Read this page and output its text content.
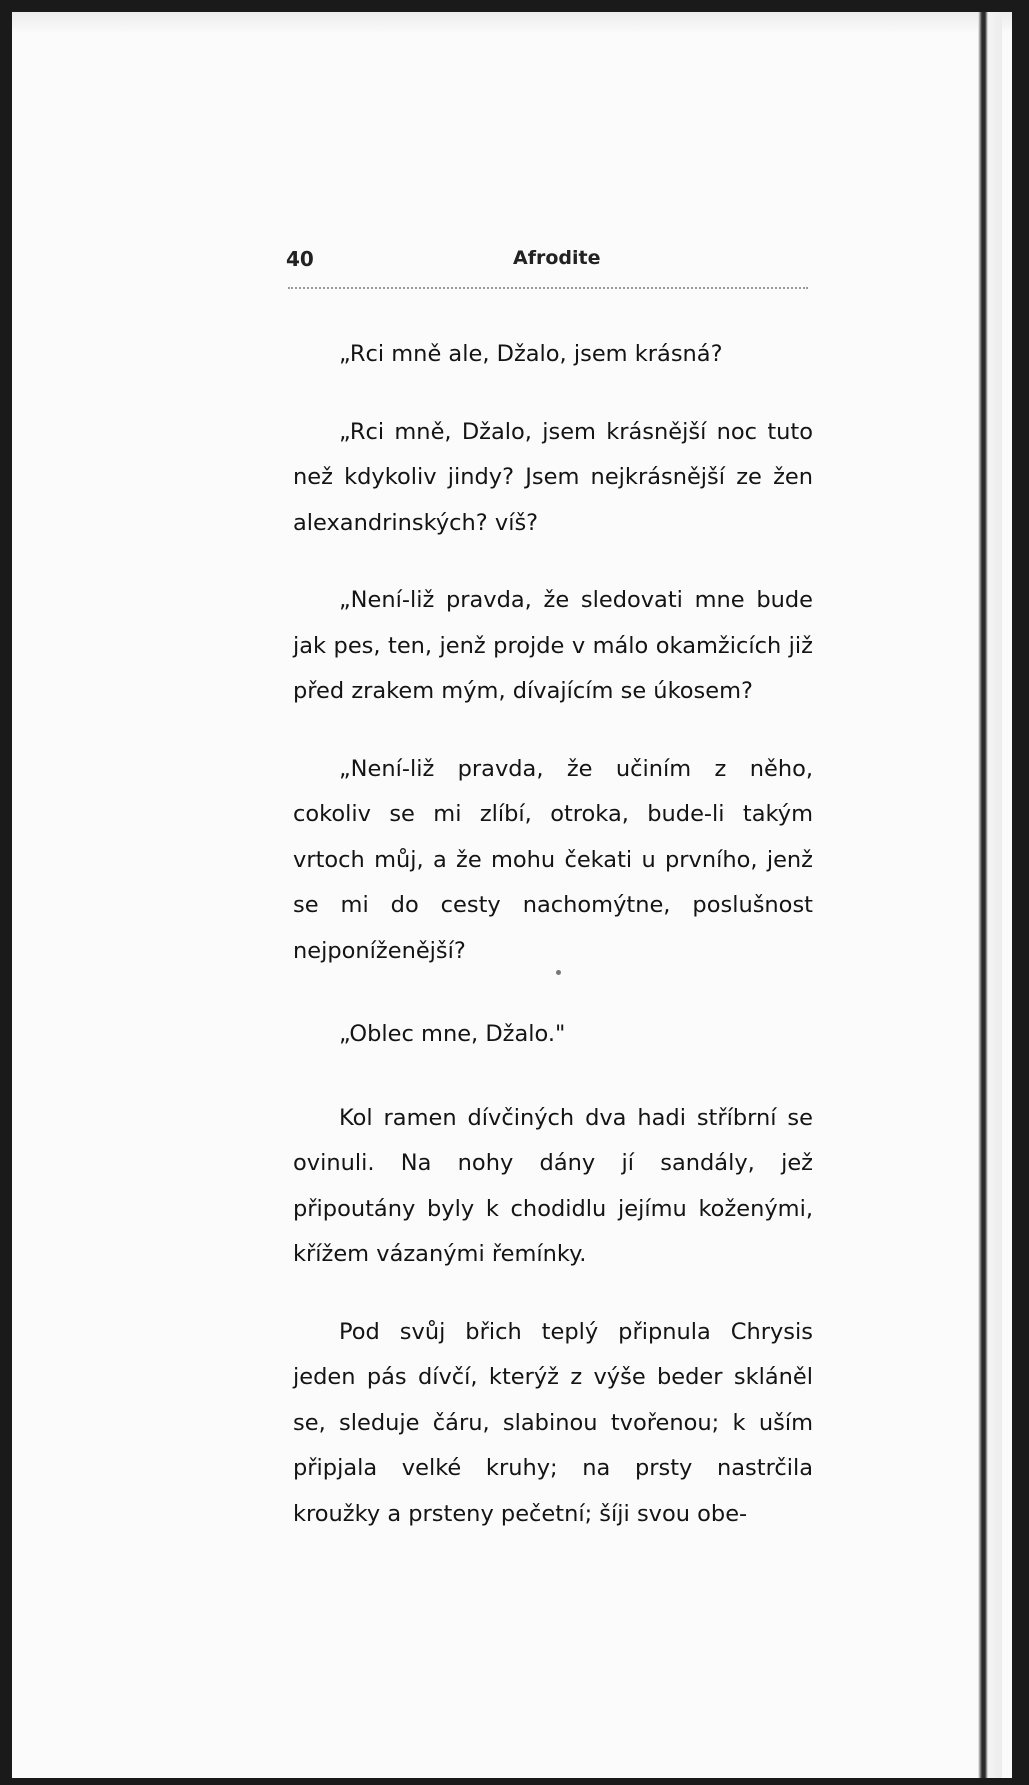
40	Afrodite

„Rci mně ale, Džalo, jsem krásná?

„Rci mně, Džalo, jsem krásnější noc tuto než kdykoliv jindy? Jsem nejkrásnější ze žen alexandrinských? víš?

„Není-liž pravda, že sledovati mne bude jak pes, ten, jenž projde v málo okamžicích již před zrakem mým, dívajícím se úkosem?

„Není-liž pravda, že učiním z něho, cokoliv se mi zlíbí, otroka, bude-li takým vrtoch můj, a že mohu čekati u prvního, jenž se mi do cesty nachomýtne, poslušnost nejponíženější?

„Oblec mne, Džalo."

Kol ramen dívčiných dva hadi stříbrní se ovinuli. Na nohy dány jí sandály, jež připoutány byly k chodidlu jejímu koženými, křížem vázanými řemínky.

Pod svůj břich teplý připnula Chrysis jeden pás dívčí, kterýž z výše beder skláněl se, sleduje čáru, slabinou tvořenou; k uším připjala velké kruhy; na prsty nastrčila kroužky a prsteny pečetní; šíji svou obe-
